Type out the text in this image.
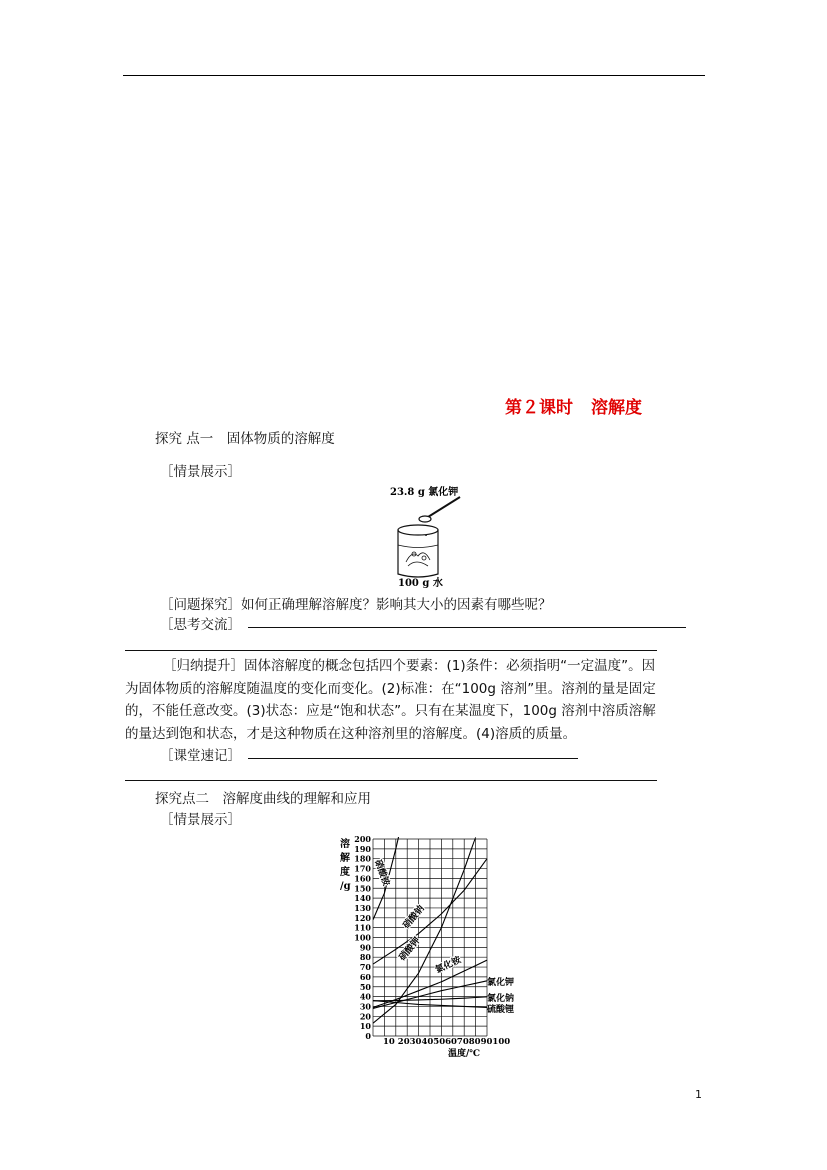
第２课时 溶解度
探究 点一　固体物质的溶解度
［情景展示］
23.8 g 氯化钾
100 g 水
［问题探究］如何正确理解溶解度？影响其大小的因素有哪些呢？
［思考交流］
［归纳提升］固体溶解度的概念包括四个要素：(1)条件：必须指明“一定温度”。因
为固体物质的溶解度随温度的变化而变化。(2)标准：在“100g 溶剂”里。溶剂的量是固定
的，不能任意改变。(3)状态：应是“饱和状态”。只有在某温度下，100g 溶剂中溶质溶解
的量达到饱和状态，才是这种物质在这种溶剂里的溶解度。(4)溶质的质量。
［课堂速记］
探究点二　溶解度曲线的理解和应用
［情景展示］
溶
解
度
/g
0
10
20
30
40
50
60
70
80
90
100
110
120
130
140
150
160
170
180
190
200
硝酸铵
硝酸钠
硝酸钾
氯化铵
氯化钾
氯化钠
硫酸锂
10 2030405060708090100
温度/℃
1
